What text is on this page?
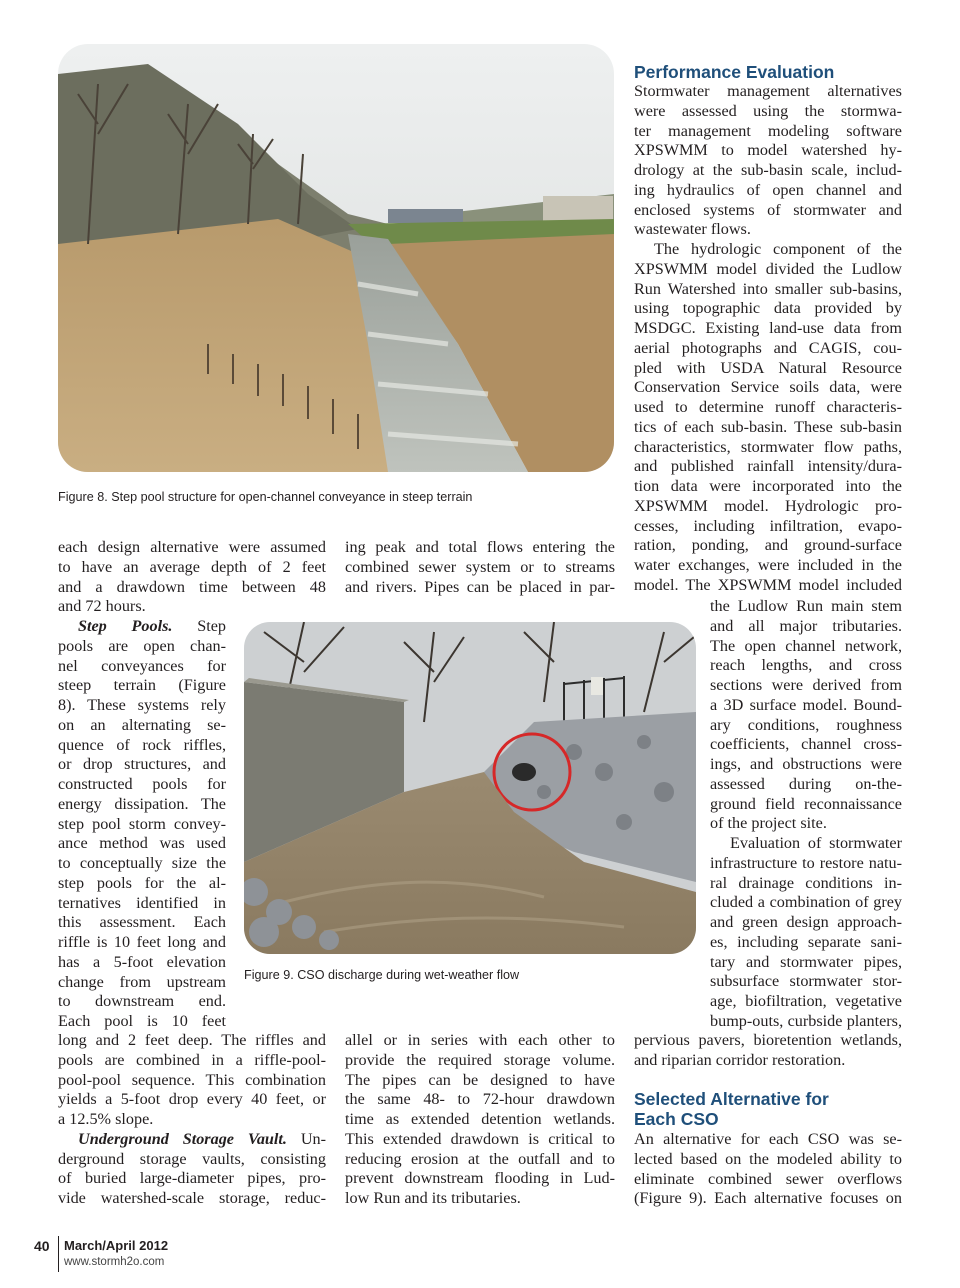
Figure 8. Step pool structure for open-channel conveyance in steep terrain
Figure 9. CSO discharge during wet-weather flow
each design alternative were assumed
to have an average depth of 2 feet
and a drawdown time between 48
and 72 hours.
Step Pools. Step
pools are open chan-
nel conveyances for
steep terrain (Figure
8). These systems rely
on an alternating se-
quence of rock riffles,
or drop structures, and
constructed pools for
energy dissipation. The
step pool storm convey-
ance method was used
to conceptually size the
step pools for the al-
ternatives identified in
this assessment. Each
riffle is 10 feet long and
has a 5-foot elevation
change from upstream
to downstream end.
Each pool is 10 feet
long and 2 feet deep. The riffles and
pools are combined in a riffle-pool-
pool-pool sequence. This combination
yields a 5-foot drop every 40 feet, or
a 12.5% slope.
Underground Storage Vault. Un-
derground storage vaults, consisting
of buried large-diameter pipes, pro-
vide watershed-scale storage, reduc-
ing peak and total flows entering the
combined sewer system or to streams
and rivers. Pipes can be placed in par-
allel or in series with each other to
provide the required storage volume.
The pipes can be designed to have
the same 48- to 72-hour drawdown
time as extended detention wetlands.
This extended drawdown is critical to
reducing erosion at the outfall and to
prevent downstream flooding in Lud-
low Run and its tributaries.
Performance Evaluation
Stormwater management alternatives
were assessed using the stormwa-
ter management modeling software
XPSWMM to model watershed hy-
drology at the sub-basin scale, includ-
ing hydraulics of open channel and
enclosed systems of stormwater and
wastewater flows.
The hydrologic component of the
XPSWMM model divided the Ludlow
Run Watershed into smaller sub-basins,
using topographic data provided by
MSDGC. Existing land-use data from
aerial photographs and CAGIS, cou-
pled with USDA Natural Resource
Conservation Service soils data, were
used to determine runoff characteris-
tics of each sub-basin. These sub-basin
characteristics, stormwater flow paths,
and published rainfall intensity/dura-
tion data were incorporated into the
XPSWMM model. Hydrologic pro-
cesses, including infiltration, evapo-
ration, ponding, and ground-surface
water exchanges, were included in the
model. The XPSWMM model included
the Ludlow Run main stem
and all major tributaries.
The open channel network,
reach lengths, and cross
sections were derived from
a 3D surface model. Bound-
ary conditions, roughness
coefficients, channel cross-
ings, and obstructions were
assessed during on-the-
ground field reconnaissance
of the project site.
Evaluation of stormwater
infrastructure to restore natu-
ral drainage conditions in-
cluded a combination of grey
and green design approach-
es, including separate sani-
tary and stormwater pipes,
subsurface stormwater stor-
age, biofiltration, vegetative
bump-outs, curbside planters,
pervious pavers, bioretention wetlands,
and riparian corridor restoration.
Selected Alternative for
Each CSO
An alternative for each CSO was se-
lected based on the modeled ability to
eliminate combined sewer overflows
(Figure 9). Each alternative focuses on
40 March/April 2012
www.stormh2o.com
